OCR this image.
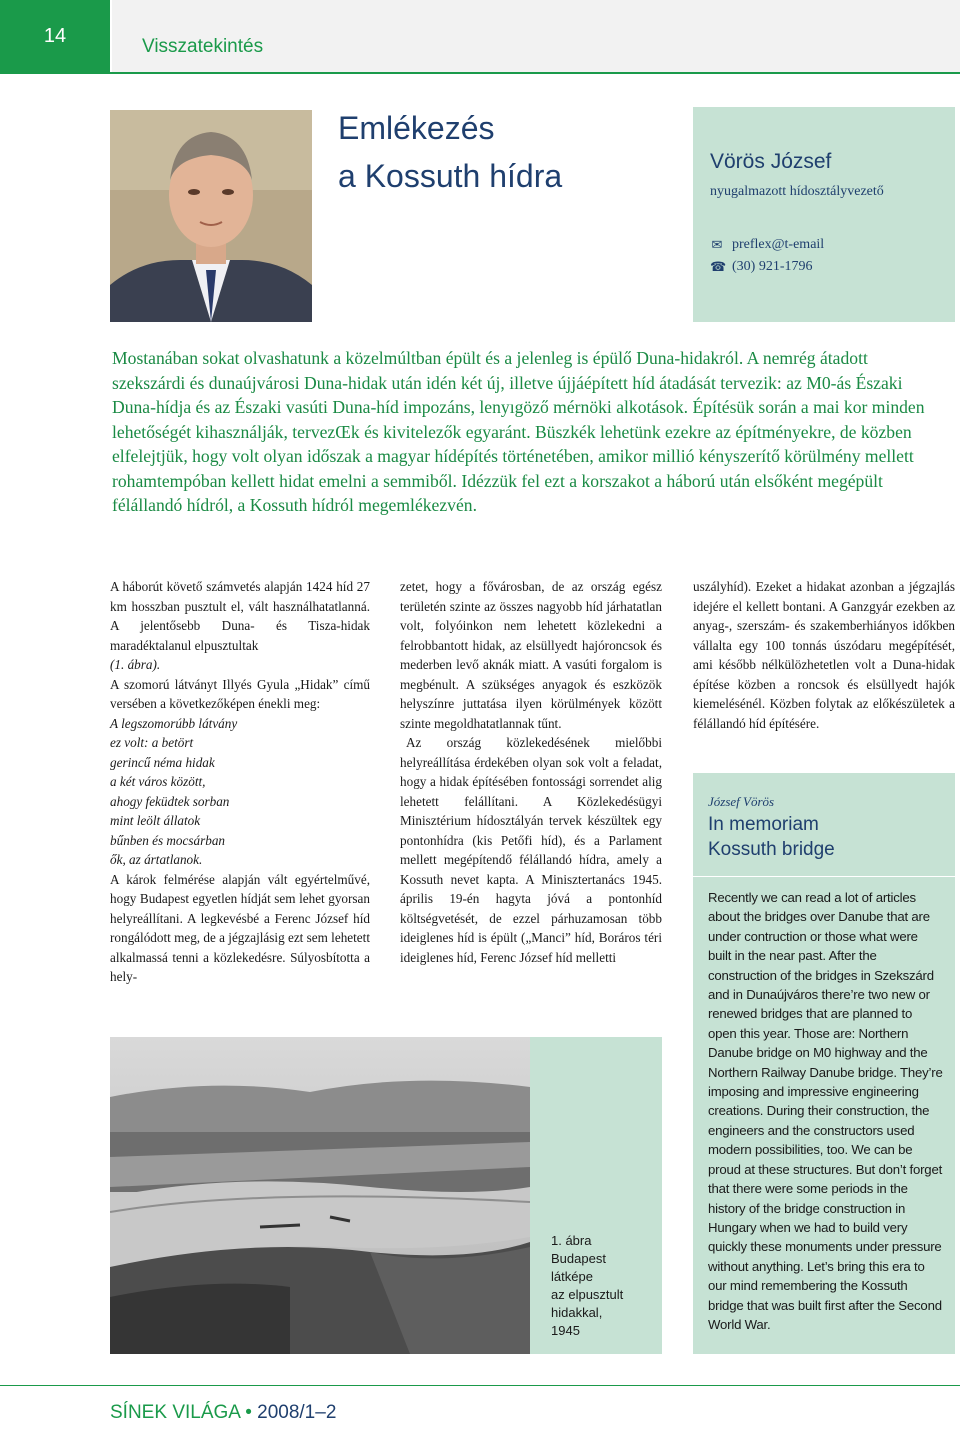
14	Visszatekintés
Emlékezés
a Kossuth hídra	Vörös József
nyugalmazott hídosztályvezető
✉ preflex@t-email
☎ (30) 921-1796
Mostanában sokat olvashatunk a közelmúltban épült és a jelenleg is épülő Duna-hidakról. A nemrég átadott szekszárdi és dunaújvárosi Duna-hidak után idén két új, illetve újjáépített híd átadását tervezik: az M0-ás Északi Duna-hídja és az Északi vasúti Duna-híd impozáns, lenyıgöző mérnöki alkotások. Építésük során a mai kor minden lehetőségét kihasználják, tervezŒk és kivitelezők egyaránt. Büszkék lehetünk ezekre az építményekre, de közben elfelejtjük, hogy volt olyan időszak a magyar hídépítés történetében, amikor millió kényszerítő körülmény mellett rohamtempóban kellett hidat emelni a semmiből. Idézzük fel ezt a korszakot a háború után elsőként megépült félállandó hídról, a Kossuth hídról megemlékezvén.

A háborút követő számvetés alapján 1424 híd 27 km hosszban pusztult el, vált használhatatlanná. A jelentősebb Duna- és Tisza-hidak maradéktalanul elpusztultak
(1. ábra).

A szomorú látványt Illyés Gyula „Hidak” című versében a következőképen énekli meg:

A legszomorúbb látvány
ez volt: a betört
gerincű néma hidak
a két város között,
ahogy feküdtek sorban
mint leölt állatok
bűnben és mocsárban
ők, az ártatlanok.

A károk felmérése alapján vált egyértelművé, hogy Budapest egyetlen hídját sem lehet gyorsan helyreállítani. A legkevésbé a Ferenc József híd rongálódott meg, de a jégzajlásig ezt sem lehetett alkalmassá tenni a közlekedésre. Súlyosbította a hely-

zetet, hogy a fővárosban, de az ország egész területén szinte az összes nagyobb híd járhatatlan volt, folyóinkon nem lehetett közlekedni a felrobbantott hidak, az elsüllyedt hajóroncsok és mederben levő aknák miatt. A vasúti forgalom is megbénult. A szükséges anyagok és eszközök helyszínre juttatása ilyen körülmények között szinte megoldhatatlannak tűnt.

Az ország közlekedésének mielőbbi helyreállítása érdekében olyan sok volt a feladat, hogy a hidak építésében fontossági sorrendet alig lehetett felállítani. A Közlekedésügyi Minisztérium hídosztályán tervek készültek egy pontonhídra (kis Petőfi híd), és a Parlament mellett megépítendő félállandó hídra, amely a Kossuth nevet kapta. A Minisztertanács 1945. április 19-én hagyta jóvá a pontonhíd költségvetését, de ezzel párhuzamosan több ideiglenes híd is épült („Manci” híd, Boráros téri ideiglenes híd, Ferenc József híd melletti

uszályhíd). Ezeket a hidakat azonban a jégzajlás idejére el kellett bontani. A Ganzgyár ezekben az anyag-, szerszám- és szakemberhiányos időkben vállalta egy 100 tonnás úszódaru megépítését, ami később nélkülözhetetlen volt a Duna-hidak építése közben a roncsok és elsüllyedt hajók kiemelésénél. Közben folytak az előkészületek a félállandó híd építésére.

1. ábra
Budapest
látképe
az elpusztult
hidakkal,
1945
József Vörös
In memoriam
Kossuth bridge
Recently we can read a lot of articles about the bridges over Danube that are under contruction or those what were built in the near past. After the construction of the bridges in Szekszárd and in Dunaújváros there’re two new or renewed bridges that are planned to open this year. Those are: Northern Danube bridge on M0 highway and the Northern Railway Danube bridge. They’re imposing and impressive engineering creations. During their construction, the engineers and the constructors used modern possibilities, too. We can be proud at these structures. But don’t forget that there were some periods in the history of the bridge construction in Hungary when we had to build very quickly these monuments under pressure without anything. Let’s bring this era to our mind remembering the Kossuth bridge that was built first after the Second World War.
SÍNEK VILÁGA • 2008/1–2
